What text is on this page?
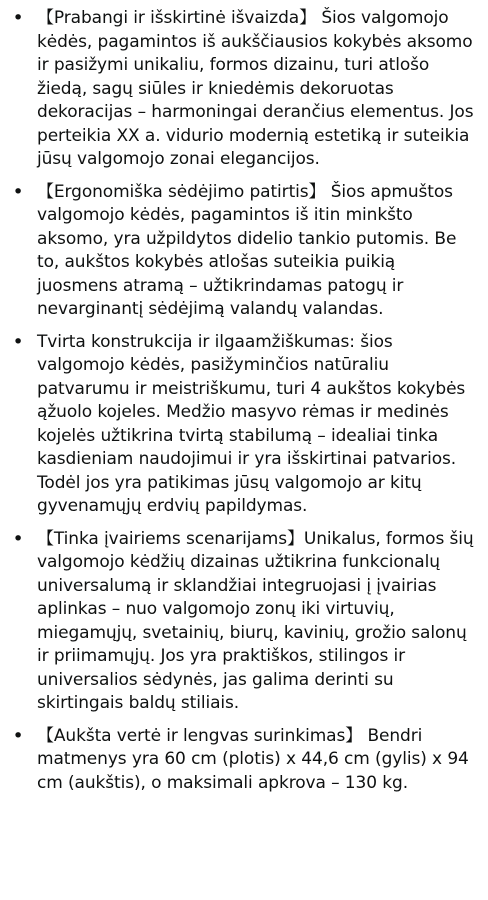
• 【Prabangi ir išskirtinė išvaizda】 Šios valgomojo kėdės, pagamintos iš aukščiausios kokybės aksomo ir pasižymi unikaliu, formos dizainu, turi atlošo žiedą, sagų siūles ir kniedėmis dekoruotas dekoracijas – harmoningai derančius elementus. Jos perteikia XX a. vidurio modernią estetiką ir suteikia jūsų valgomojo zonai elegancijos.
• 【Ergonomiška sėdėjimo patirtis】 Šios apmuštos valgomojo kėdės, pagamintos iš itin minkšto aksomo, yra užpildytos didelio tankio putomis. Be to, aukštos kokybės atlošas suteikia puikią juosmens atramą – užtikrindamas patogų ir nevarginantį sėdėjimą valandų valandas.
• Tvirta konstrukcija ir ilgaamžiškumas: šios valgomojo kėdės, pasižyminčios natūraliu patvarumu ir meistriškumu, turi 4 aukštos kokybės ąžuolo kojeles. Medžio masyvo rėmas ir medinės kojelės užtikrina tvirtą stabilumą – idealiai tinka kasdieniam naudojimui ir yra išskirtinai patvarios. Todėl jos yra patikimas jūsų valgomojo ar kitų gyvenamųjų erdvių papildymas.
• 【Tinka įvairiems scenarijams】Unikalus, formos šių valgomojo kėdžių dizainas užtikrina funkcionalų universalumą ir sklandžiai integruojasi į įvairias aplinkas – nuo valgomojo zonų iki virtuvių, miegamųjų, svetainių, biurų, kavinių, grožio salonų ir priimamųjų. Jos yra praktiškos, stilingos ir universalios sėdynės, jas galima derinti su skirtingais baldų stiliais.
• 【Aukšta vertė ir lengvas surinkimas】 Bendri matmenys yra 60 cm (plotis) x 44,6 cm (gylis) x 94 cm (aukštis), o maksimali apkrova – 130 kg.
